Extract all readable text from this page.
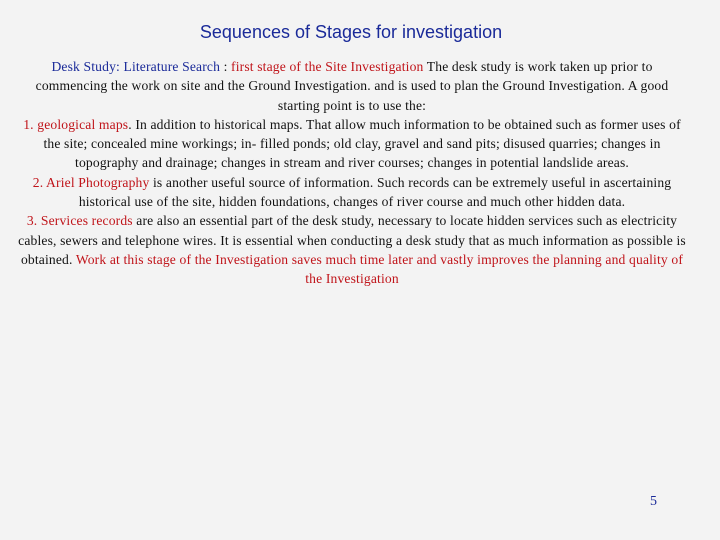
Sequences of Stages for investigation

Desk Study: Literature Search : first stage of the Site Investigation The desk study is work taken up prior to commencing the work on site and the Ground Investigation. and is used to plan the Ground Investigation. A good starting point is to use the:

1. geological maps. In addition to historical maps. That allow much information to be obtained such as former uses of the site; concealed mine workings; in- filled ponds; old clay, gravel and sand pits; disused quarries; changes in topography and drainage; changes in stream and river courses; changes in potential landslide areas.

2. Ariel Photography is another useful source of information. Such records can be extremely useful in ascertaining historical use of the site, hidden foundations, changes of river course and much other hidden data.

3. Services records are also an essential part of the desk study, necessary to locate hidden services such as electricity cables, sewers and telephone wires. It is essential when conducting a desk study that as much information as possible is obtained. Work at this stage of the Investigation saves much time later and vastly improves the planning and quality of the Investigation

5
